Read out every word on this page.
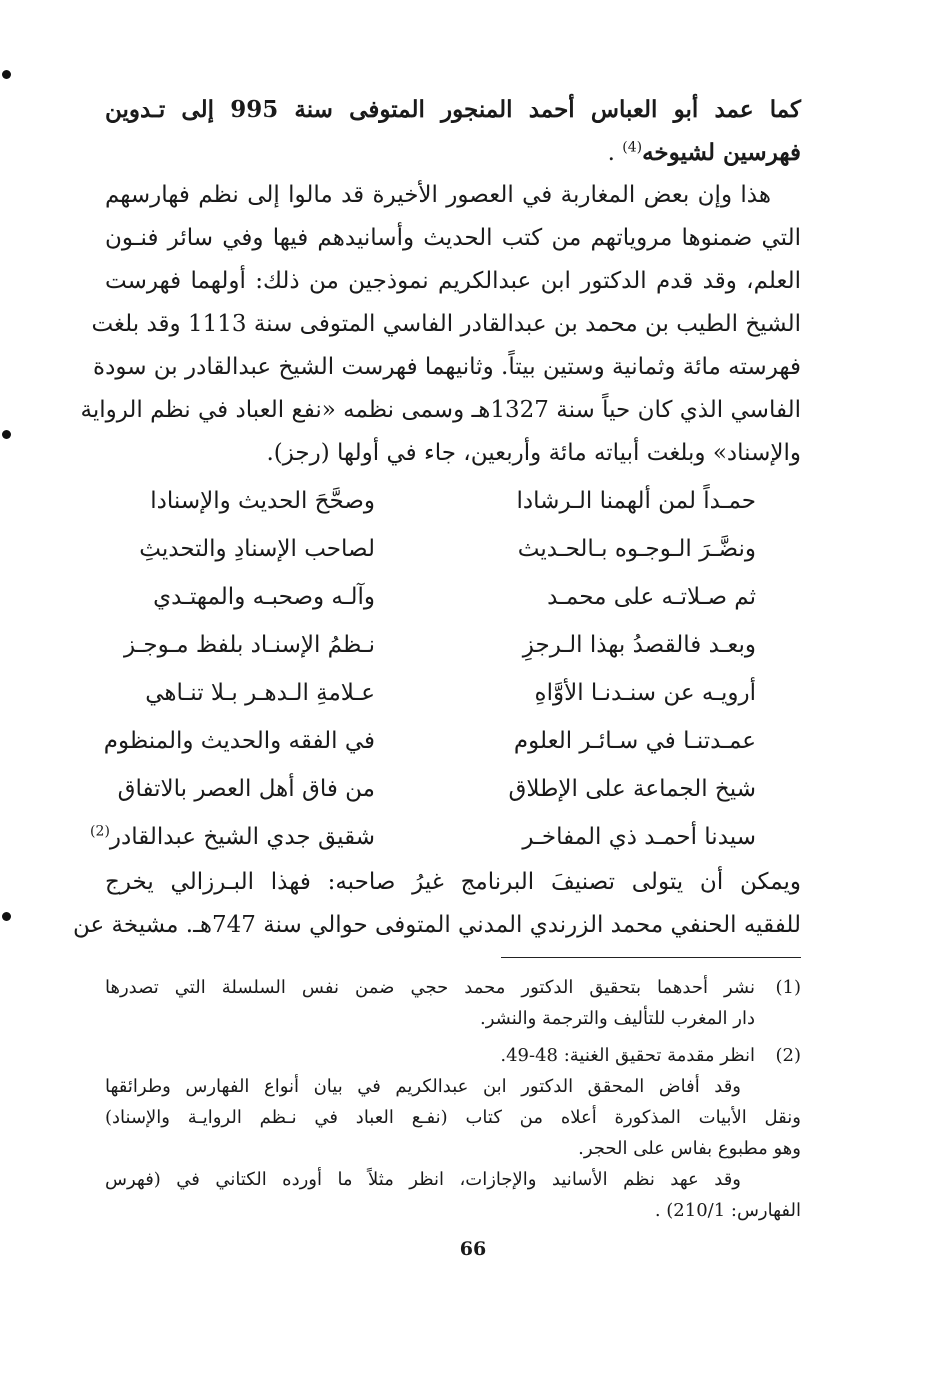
كما عمد أبو العباس أحمد المنجور المتوفى سنة 995 إلى تـدوين
فهرسين لشيوخه$^{(4)}$ .
هذا وإن بعض المغاربة في العصور الأخيرة قد مالوا إلى نظم فهارسهم
التي ضمنوها مروياتهم من كتب الحديث وأسانيدهم فيها وفي سائر فنـون
العلم، وقد قدم الدكتور ابن عبدالكريم نموذجين من ذلك: أولهما فهرست
الشيخ الطيب بن محمد بن عبدالقادر الفاسي المتوفى سنة 1113 وقد بلغت
فهرسته مائة وثمانية وستين بيتاً. وثانيهما فهرست الشيخ عبدالقادر بن سودة
الفاسي الذي كان حياً سنة 1327هـ وسمى نظمه «نفع العباد في نظم الرواية
والإسناد» وبلغت أبياته مائة وأربعين، جاء في أولها (رجز).
حمـداً لمن ألهمنا الـرشادا
وصحَّحَ الحديث والإسنادا
ونضَّـرَ الـوجـوه بـالحـديث
لصاحب الإسنادِ والتحديثِ
ثم صـلاتـه على محمـد
وآلـه وصحبـه والمهتـدي
وبعـد فالقصدُ بهذا الـرجزِ
نـظمُ الإسنـاد بلفظ مـوجـز
أرويـه عن سنـدنـا الأوَّاهِ
عـلامةِ الـدهـر بـلا تنـاهي
عمـدتنـا في سـائـر العلوم
في الفقه والحديث والمنظوم
شيخ الجماعة على الإطلاق
من فاق أهل العصر بالاتفاق
سيدنا أحمـد ذي المفاخـر
شقيق جدي الشيخ عبدالقادر$^{(2)}$
ويمكن أن يتولى تصنيفَ البرنامج غيرُ صاحبه: فهذا البـرزالي يخرج
للفقيه الحنفي محمد الزرندي المدني المتوفى حوالي سنة 747هـ. مشيخة عن
(1)
نشر أحدهما بتحقيق الدكتور محمد حجي ضمن نفس السلسلة التي تصدرها
دار المغرب للتأليف والترجمة والنشر.
(2)
انظر مقدمة تحقيق الغنية: 48-49.
وقد أفاض المحقق الدكتور ابن عبدالكريم في بيان أنواع الفهارس وطرائقها
ونقل الأبيات المذكورة أعلاه من كتاب (نفـع العباد في نـظم الروايـة والإسناد)
وهو مطبوع بفاس على الحجر.
وقد عهد نظم الأسانيد والإجازات، انظر مثلاً ما أورده الكتاني في (فهرس
الفهارس: 210/1) .
66
